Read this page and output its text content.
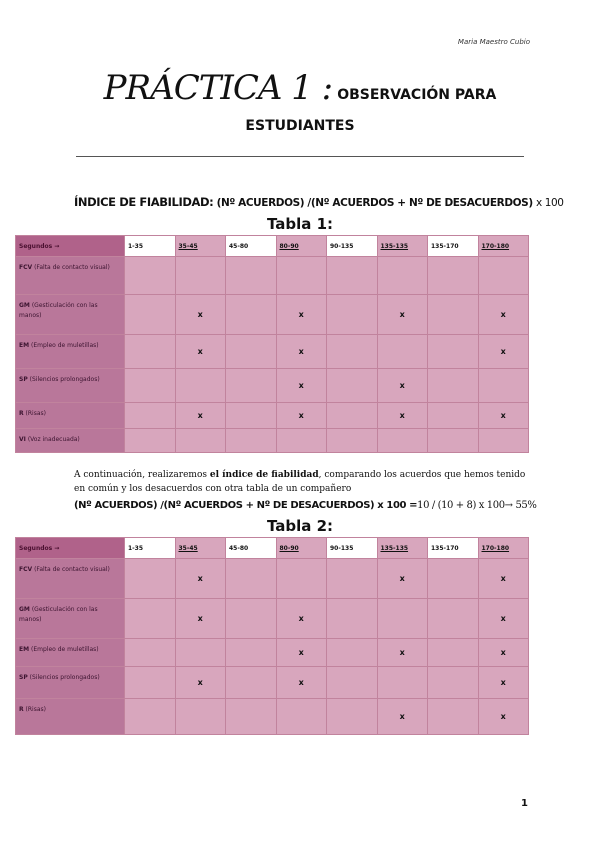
Maria Maestro Cubio
PRÁCTICA 1 : OBSERVACIÓN PARA
ESTUDIANTES
ÍNDICE DE FIABILIDAD: (Nº ACUERDOS) /(Nº ACUERDOS + Nº DE DESACUERDOS) x 100
Tabla 1:
Segundos →	1-35	35-45	45-80	80-90	90-135	135-135	135-170	170-180
FCV (Falta de contacto visual)								
GM (Gesticulación con las manos)		x		x		x		x
EM (Empleo de muletillas)		x		x				x
SP (Silencios prolongados)				x		x		
R (Risas)		x		x		x		x
VI (Voz inadecuada)								
A continuación, realizaremos el índice de fiabilidad, comparando los acuerdos que hemos tenido en común y los desacuerdos con otra tabla de un compañero
(Nº ACUERDOS) /(Nº ACUERDOS + Nº DE DESACUERDOS) x 100 =10 / (10 + 8) x 100→ 55%
Tabla 2:
Segundos →	1-35	35-45	45-80	80-90	90-135	135-135	135-170	170-180
FCV (Falta de contacto visual)		x				x		x
GM (Gesticulación con las manos)		x		x				x
EM (Empleo de muletillas)				x		x		x
SP (Silencios prolongados)		x		x				x
R (Risas)						x		x
1
